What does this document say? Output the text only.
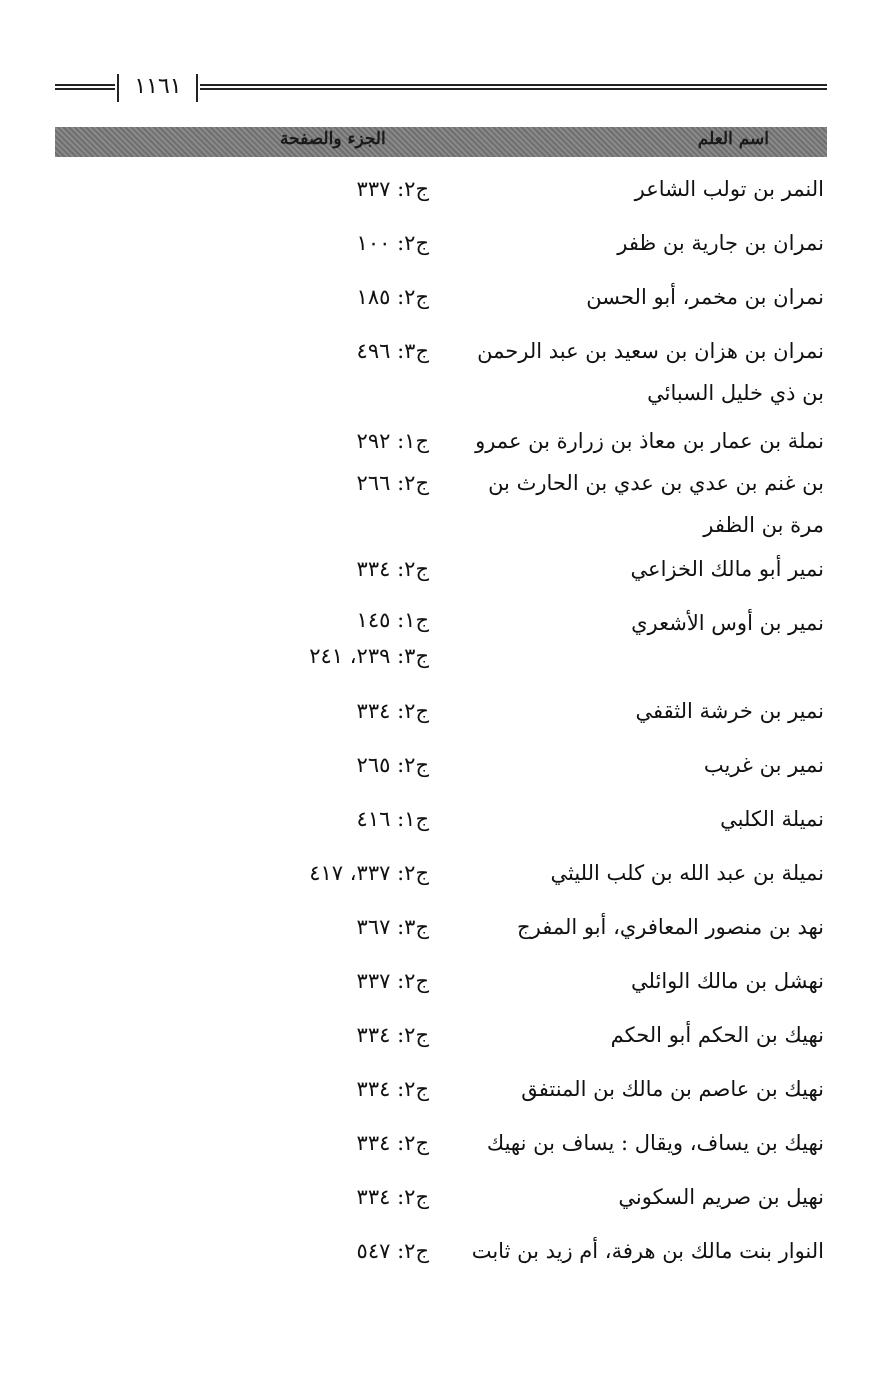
١١٦١
اسم العلم
الجزء والصفحة
النمر بن تولب الشاعر
ج٢: ٣٣٧
نمران بن جارية بن ظفر
ج٢: ١٠٠
نمران بن مخمر، أبو الحسن
ج٢: ١٨٥
نمران بن هزان بن سعيد بن عبد الرحمن بن ذي خليل السبائي
ج٣: ٤٩٦
نملة بن عمار بن معاذ بن زرارة بن عمرو بن غنم بن عدي بن عدي بن الحارث بن مرة بن الظفر
ج١: ٢٩٢
ج٢: ٢٦٦
نمير أبو مالك الخزاعي
ج٢: ٣٣٤
نمير بن أوس الأشعري
ج١: ١٤٥
ج٣: ٢٣٩، ٢٤١
نمير بن خرشة الثقفي
ج٢: ٣٣٤
نمير بن غريب
ج٢: ٢٦٥
نميلة الكلبي
ج١: ٤١٦
نميلة بن عبد الله بن كلب الليثي
ج٢: ٣٣٧، ٤١٧
نهد بن منصور المعافري، أبو المفرج
ج٣: ٣٦٧
نهشل بن مالك الوائلي
ج٢: ٣٣٧
نهيك بن الحكم أبو الحكم
ج٢: ٣٣٤
نهيك بن عاصم بن مالك بن المنتفق
ج٢: ٣٣٤
نهيك بن يساف، ويقال : يساف بن نهيك
ج٢: ٣٣٤
نهيل بن صريم السكوني
ج٢: ٣٣٤
النوار بنت مالك بن هرفة، أم زيد بن ثابت
ج٢: ٥٤٧
